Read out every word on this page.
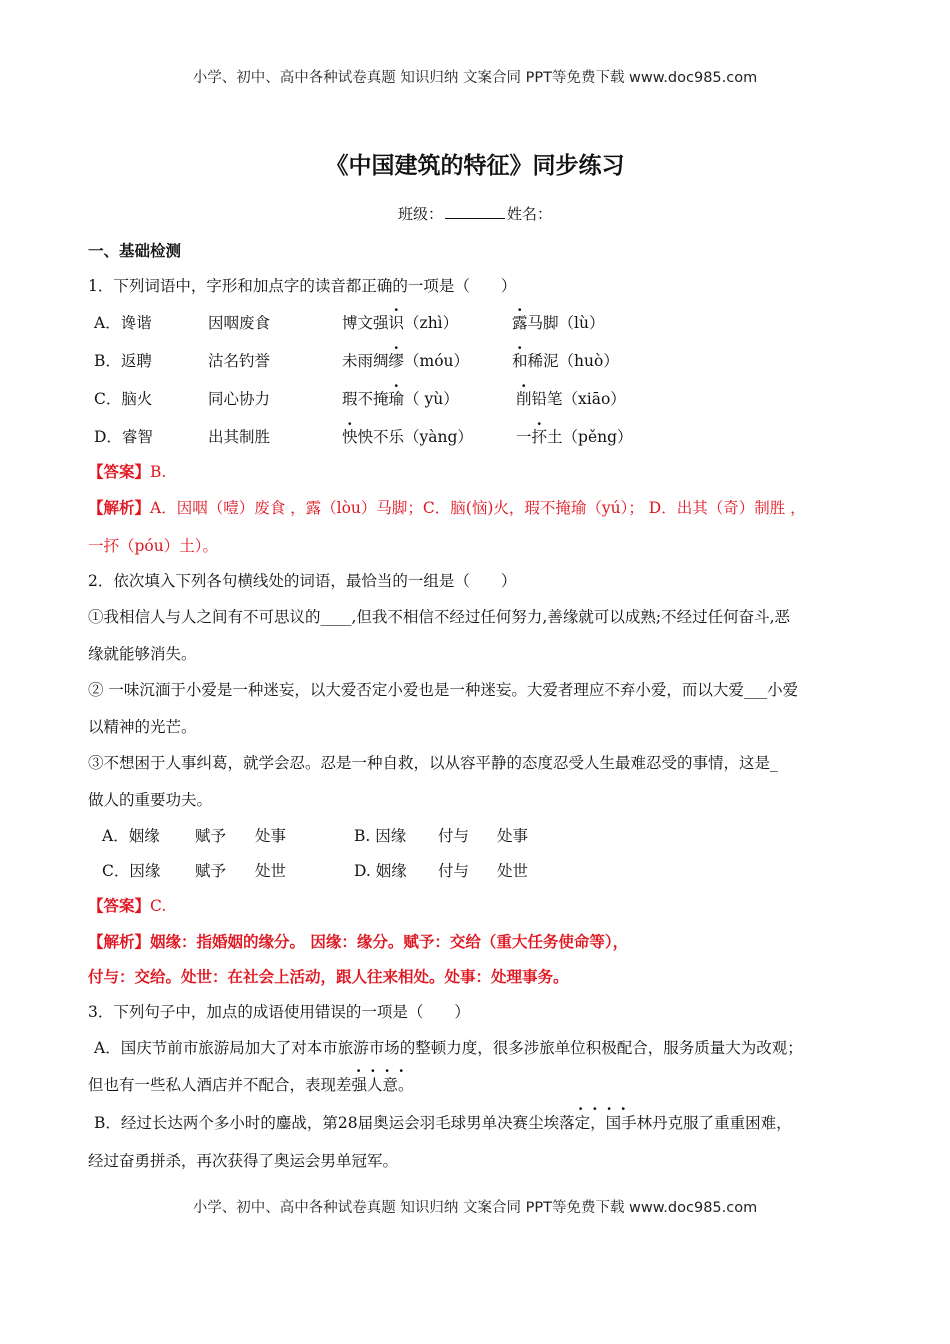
小学、初中、高中各种试卷真题 知识归纳 文案合同 PPT等免费下载 www.doc985.com
《中国建筑的特征》同步练习
班级：	姓名：
一、基础检测
1．下列词语中，字形和加点字的读音都正确的一项是（　　）
A．谗谐	因咽废食	博文强识（zhì）	露马脚（lù）
B．返聘	沽名钓誉	未雨绸缪（móu）	和稀泥（huò）
C．脑火	同心协力	瑕不掩瑜（ yù）	削铅笔（xiāo）
D．睿智	出其制胜	怏怏不乐（yàng）	一抔土（pěng）
【答案】B.
【解析】A．因咽（噎）废食 ，露（lòu）马脚；C．脑(恼)火，瑕不掩瑜（yú）； D．出其（奇）制胜 ，
一抔（póu）土）。
2．依次填入下列各句横线处的词语，最恰当的一组是（　　）
①我相信人与人之间有不可思议的____,但我不相信不经过任何努力,善缘就可以成熟;不经过任何奋斗,恶
缘就能够消失。
② 一味沉湎于小爱是一种迷妄，以大爱否定小爱也是一种迷妄。大爱者理应不弃小爱，而以大爱___小爱
以精神的光芒。
③不想困于人事纠葛，就学会忍。忍是一种自救，以从容平静的态度忍受人生最难忍受的事情，这是_
做人的重要功夫。
A．姻缘 赋予 处事	B. 因缘 付与 处事
C．因缘 赋予 处世	D. 姻缘 付与 处世
【答案】C.
【解析】姻缘：指婚姻的缘分。 因缘：缘分。赋予：交给（重大任务使命等），
付与：交给。处世：在社会上活动，跟人往来相处。处事：处理事务。
3．下列句子中，加点的成语使用错误的一项是（　　）
A．国庆节前市旅游局加大了对本市旅游市场的整顿力度，很多涉旅单位积极配合，服务质量大为改观；
....
但也有一些私人酒店并不配合，表现差强人意。
B．经过长达两个多小时的鏖战，第28届奥运会羽毛球男单决赛尘埃落定，国手林丹克服了重重困难，
....
经过奋勇拼杀，再次获得了奥运会男单冠军。
小学、初中、高中各种试卷真题 知识归纳 文案合同 PPT等免费下载 www.doc985.com
